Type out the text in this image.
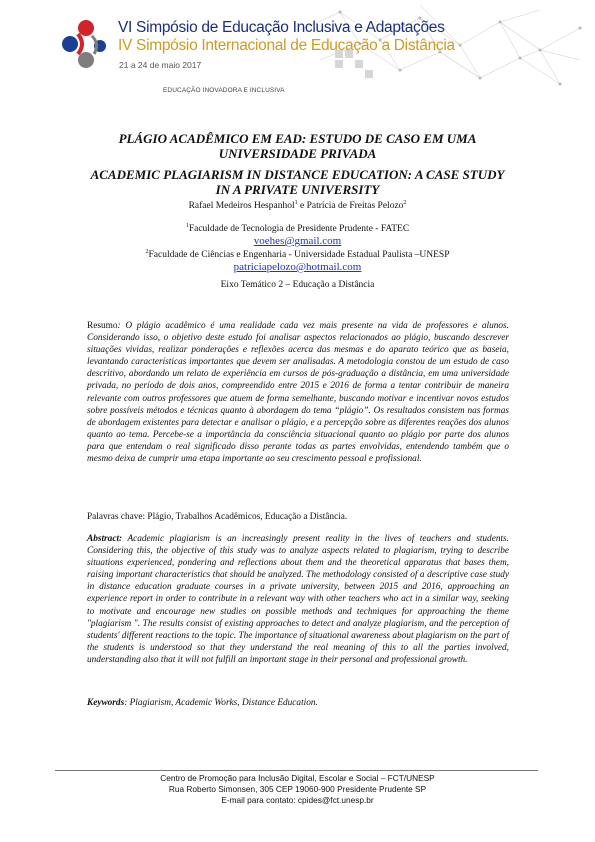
VI Simpósio de Educação Inclusiva e Adaptações
IV Simpósio Internacional de Educação a Distância
21 a 24 de maio 2017
EDUCAÇÃO INOVADORA E INCLUSIVA
PLÁGIO ACADÊMICO EM EAD: ESTUDO DE CASO EM UMA UNIVERSIDADE PRIVADA
ACADEMIC PLAGIARISM IN DISTANCE EDUCATION: A CASE STUDY IN A PRIVATE UNIVERSITY
Rafael Medeiros Hespanhol$^1$ e Patrícia de Freitas Pelozo$^2$
$^1$Faculdade de Tecnologia de Presidente Prudente - FATEC
voehes@gmail.com
$^2$Faculdade de Ciências e Engenharia - Universidade Estadual Paulista –UNESP
patriciapelozo@hotmail.com
Eixo Temático 2 – Educação a Distância

Resumo: O plágio acadêmico é uma realidade cada vez mais presente na vida de professores e alunos. Considerando isso, o objetivo deste estudo foi analisar aspectos relacionados ao plágio, buscando descrever situações vividas, realizar ponderações e reflexões acerca das mesmas e do aparato teórico que as baseia, levantando características importantes que devem ser analisadas. A metodologia constou de um estudo de caso descritivo, abordando um relato de experiência em cursos de pós-graduação a distância, em uma universidade privada, no período de dois anos, compreendido entre 2015 e 2016 de forma a tentar contribuir de maneira relevante com outros professores que atuem de forma semelhante, buscando motivar e incentivar novos estudos sobre possíveis métodos e técnicas quanto à abordagem do tema “plágio”. Os resultados consistem nas formas de abordagem existentes para detectar e analisar o plágio, e a percepção sobre as diferentes reações dos alunos quanto ao tema. Percebe-se a importância da consciência situacional quanto ao plágio por parte dos alunos para que entendam o real significado disso perante todas as partes envolvidas, entendendo também que o mesmo deixa de cumprir uma etapa importante ao seu crescimento pessoal e profissional.

Palavras chave: Plágio, Trabalhos Acadêmicos, Educação a Distância.

Abstract: Academic plagiarism is an increasingly present reality in the lives of teachers and students. Considering this, the objective of this study was to analyze aspects related to plagiarism, trying to describe situations experienced, pondering and reflections about them and the theoretical apparatus that bases them, raising important characteristics that should be analyzed. The methodology consisted of a descriptive case study in distance education graduate courses in a private university, between 2015 and 2016, approaching an experience report in order to contribute in a relevant way with other teachers who act in a similar way, seeking to motivate and encourage new studies on possible methods and techniques for approaching the theme "plagiarism ". The results consist of existing approaches to detect and analyze plagiarism, and the perception of students' different reactions to the topic. The importance of situational awareness about plagiarism on the part of the students is understood so that they understand the real meaning of this to all the parties involved, understanding also that it will not fulfill an important stage in their personal and professional growth.

Keywords: Plagiarism, Academic Works, Distance Education.

Centro de Promoção para Inclusão Digital, Escolar e Social – FCT/UNESP
Rua Roberto Simonsen, 305 CEP 19060-900 Presidente Prudente SP
E-mail para contato: cpides@fct.unesp.br
